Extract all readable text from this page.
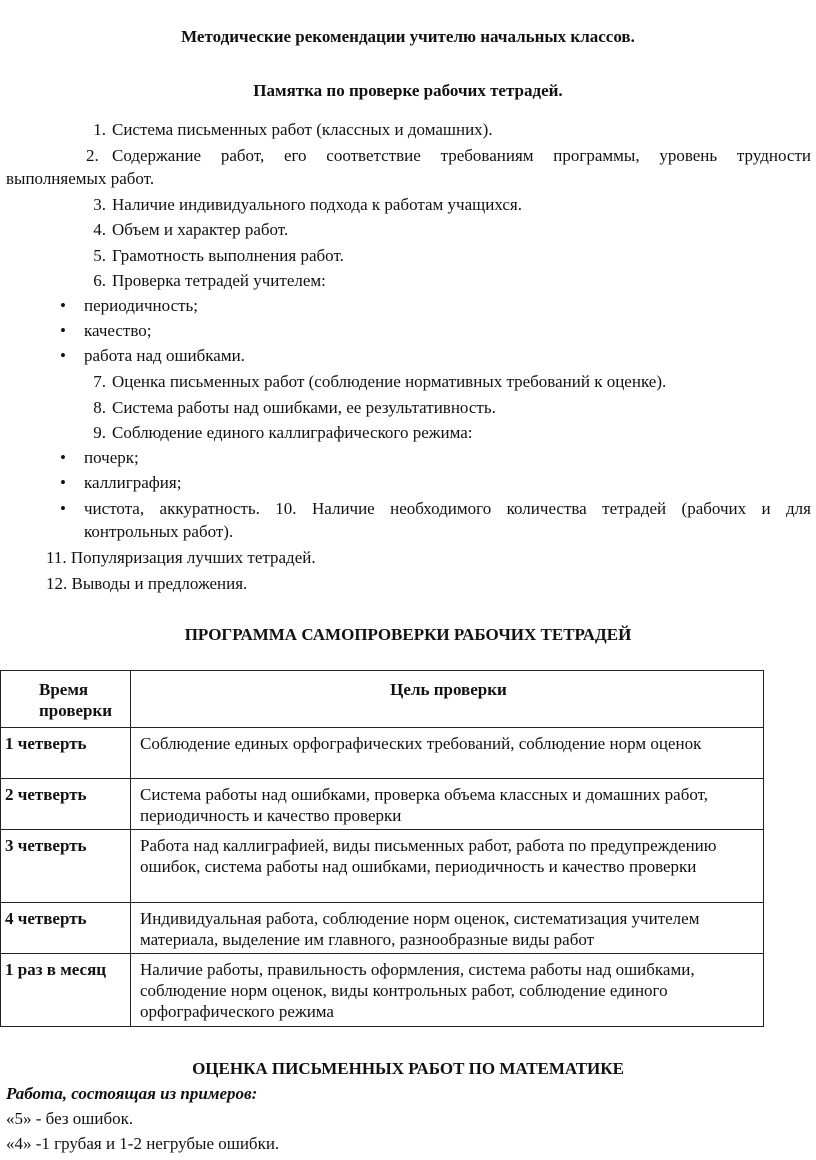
Методические рекомендации учителю начальных классов.
Памятка по проверке рабочих тетрадей.
1. Система письменных работ (классных и домашних).
2. Содержание работ, его соответствие требованиям программы, уровень трудности
выполняемых работ.
3. Наличие индивидуального подхода к работам учащихся.
4. Объем и характер работ.
5. Грамотность выполнения работ.
6. Проверка тетрадей учителем:
• периодичность;
• качество;
• работа над ошибками.
7. Оценка письменных работ (соблюдение нормативных требований к оценке).
8. Система работы над ошибками, ее результативность.
9. Соблюдение единого каллиграфического режима:
• почерк;
• каллиграфия;
• чистота, аккуратность. 10. Наличие необходимого количества тетрадей (рабочих и для
контрольных работ).
11. Популяризация лучших тетрадей.
12. Выводы и предложения.
ПРОГРАММА САМОПРОВЕРКИ РАБОЧИХ ТЕТРАДЕЙ
Время проверки	Цель проверки
1 четверть	Соблюдение единых орфографических требований, соблюдение норм оценок
2 четверть	Система работы над ошибками, проверка объема классных и домашних работ, периодичность и качество проверки
3 четверть	Работа над каллиграфией, виды письменных работ, работа по предупреждению ошибок, система работы над ошибками, периодичность и качество проверки
4 четверть	Индивидуальная работа, соблюдение норм оценок, систематизация учителем материала, выделение им главного, разнообразные виды работ
1 раз в месяц	Наличие работы, правильность оформления, система работы над ошибками, соблюдение норм оценок, виды контрольных работ, соблюдение единого орфографического режима
ОЦЕНКА ПИСЬМЕННЫХ РАБОТ ПО МАТЕМАТИКЕ
Работа, состоящая из примеров:
«5» - без ошибок.
«4» -1 грубая и 1-2 негрубые ошибки.
